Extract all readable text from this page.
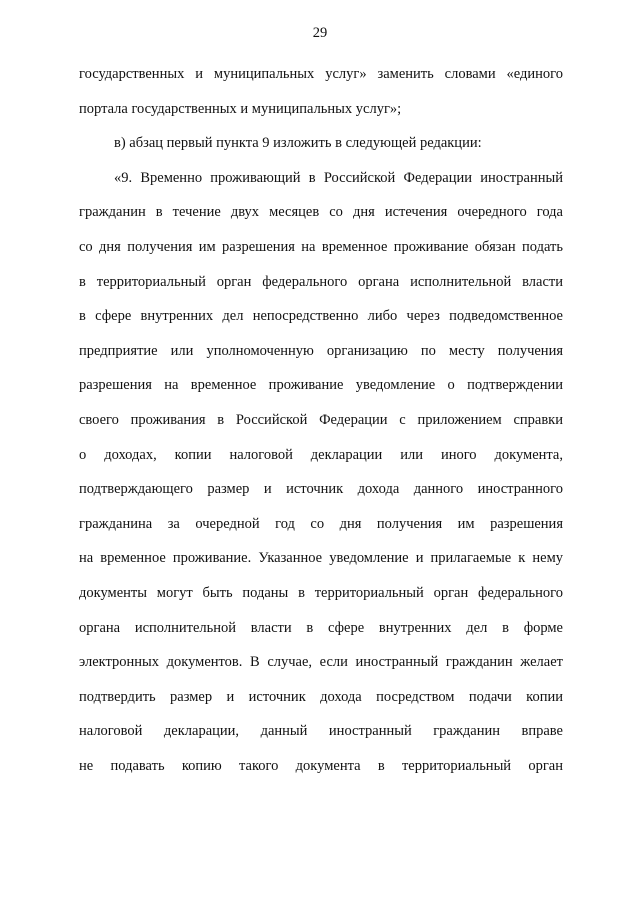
29
государственных и муниципальных услуг» заменить словами «единого
портала государственных и муниципальных услуг»;
в) абзац первый пункта 9 изложить в следующей редакции:
«9. Временно проживающий в Российской Федерации иностранный
гражданин в течение двух месяцев со дня истечения очередного года
со дня получения им разрешения на временное проживание обязан подать
в территориальный орган федерального органа исполнительной власти
в сфере внутренних дел непосредственно либо через подведомственное
предприятие или уполномоченную организацию по месту получения
разрешения на временное проживание уведомление о подтверждении
своего проживания в Российской Федерации с приложением справки
о доходах, копии налоговой декларации или иного документа,
подтверждающего размер и источник дохода данного иностранного
гражданина за очередной год со дня получения им разрешения
на временное проживание. Указанное уведомление и прилагаемые к нему
документы могут быть поданы в территориальный орган федерального
органа исполнительной власти в сфере внутренних дел в форме
электронных документов. В случае, если иностранный гражданин желает
подтвердить размер и источник дохода посредством подачи копии
налоговой декларации, данный иностранный гражданин вправе
не подавать копию такого документа в территориальный орган
